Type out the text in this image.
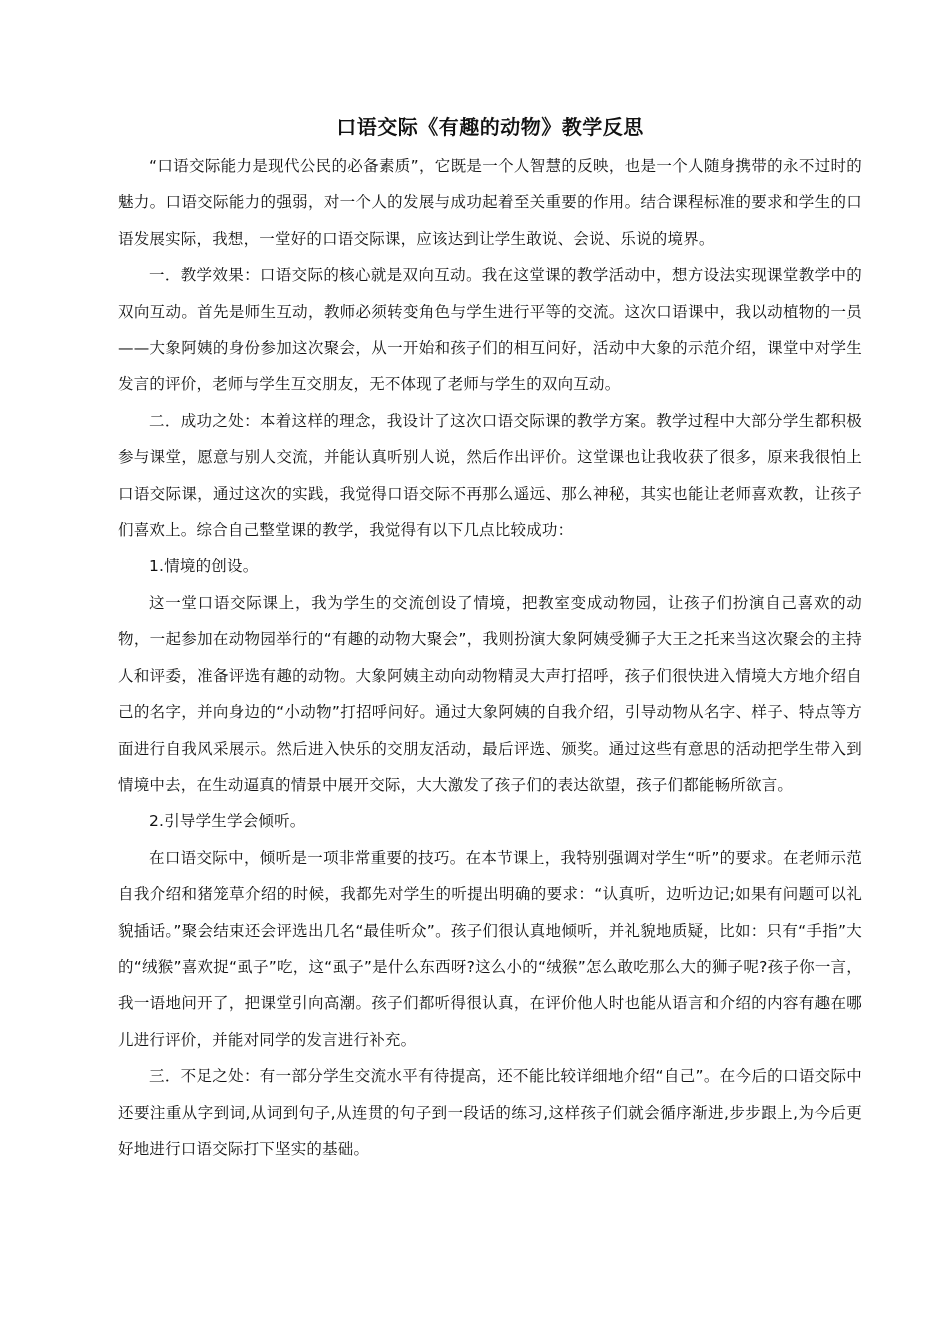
口语交际《有趣的动物》教学反思

“口语交际能力是现代公民的必备素质”，它既是一个人智慧的反映，也是一个人随身携带的永不过时的魅力。口语交际能力的强弱，对一个人的发展与成功起着至关重要的作用。结合课程标准的要求和学生的口语发展实际，我想，一堂好的口语交际课，应该达到让学生敢说、会说、乐说的境界。

一．教学效果：口语交际的核心就是双向互动。我在这堂课的教学活动中，想方设法实现课堂教学中的双向互动。首先是师生互动，教师必须转变角色与学生进行平等的交流。这次口语课中，我以动植物的一员——大象阿姨的身份参加这次聚会，从一开始和孩子们的相互问好，活动中大象的示范介绍，课堂中对学生发言的评价，老师与学生互交朋友，无不体现了老师与学生的双向互动。

二．成功之处：本着这样的理念，我设计了这次口语交际课的教学方案。教学过程中大部分学生都积极参与课堂，愿意与别人交流，并能认真听别人说，然后作出评价。这堂课也让我收获了很多，原来我很怕上口语交际课，通过这次的实践，我觉得口语交际不再那么遥远、那么神秘，其实也能让老师喜欢教，让孩子们喜欢上。综合自己整堂课的教学，我觉得有以下几点比较成功：

1.情境的创设。

这一堂口语交际课上，我为学生的交流创设了情境，把教室变成动物园，让孩子们扮演自己喜欢的动物，一起参加在动物园举行的“有趣的动物大聚会”，我则扮演大象阿姨受狮子大王之托来当这次聚会的主持人和评委，准备评选有趣的动物。大象阿姨主动向动物精灵大声打招呼，孩子们很快进入情境大方地介绍自己的名字，并向身边的“小动物”打招呼问好。通过大象阿姨的自我介绍，引导动物从名字、样子、特点等方面进行自我风采展示。然后进入快乐的交朋友活动，最后评选、颁奖。通过这些有意思的活动把学生带入到情境中去，在生动逼真的情景中展开交际，大大激发了孩子们的表达欲望，孩子们都能畅所欲言。

2.引导学生学会倾听。

在口语交际中，倾听是一项非常重要的技巧。在本节课上，我特别强调对学生“听”的要求。在老师示范自我介绍和猪笼草介绍的时候，我都先对学生的听提出明确的要求：“认真听，边听边记;如果有问题可以礼貌插话。”聚会结束还会评选出几名“最佳听众”。孩子们很认真地倾听，并礼貌地质疑，比如：只有“手指”大的“绒猴”喜欢捉“虱子”吃，这“虱子”是什么东西呀?这么小的“绒猴”怎么敢吃那么大的狮子呢?孩子你一言，我一语地问开了，把课堂引向高潮。孩子们都听得很认真，在评价他人时也能从语言和介绍的内容有趣在哪儿进行评价，并能对同学的发言进行补充。

三．不足之处：有一部分学生交流水平有待提高，还不能比较详细地介绍“自己”。在今后的口语交际中还要注重从字到词,从词到句子,从连贯的句子到一段话的练习,这样孩子们就会循序渐进,步步跟上,为今后更好地进行口语交际打下坚实的基础。
